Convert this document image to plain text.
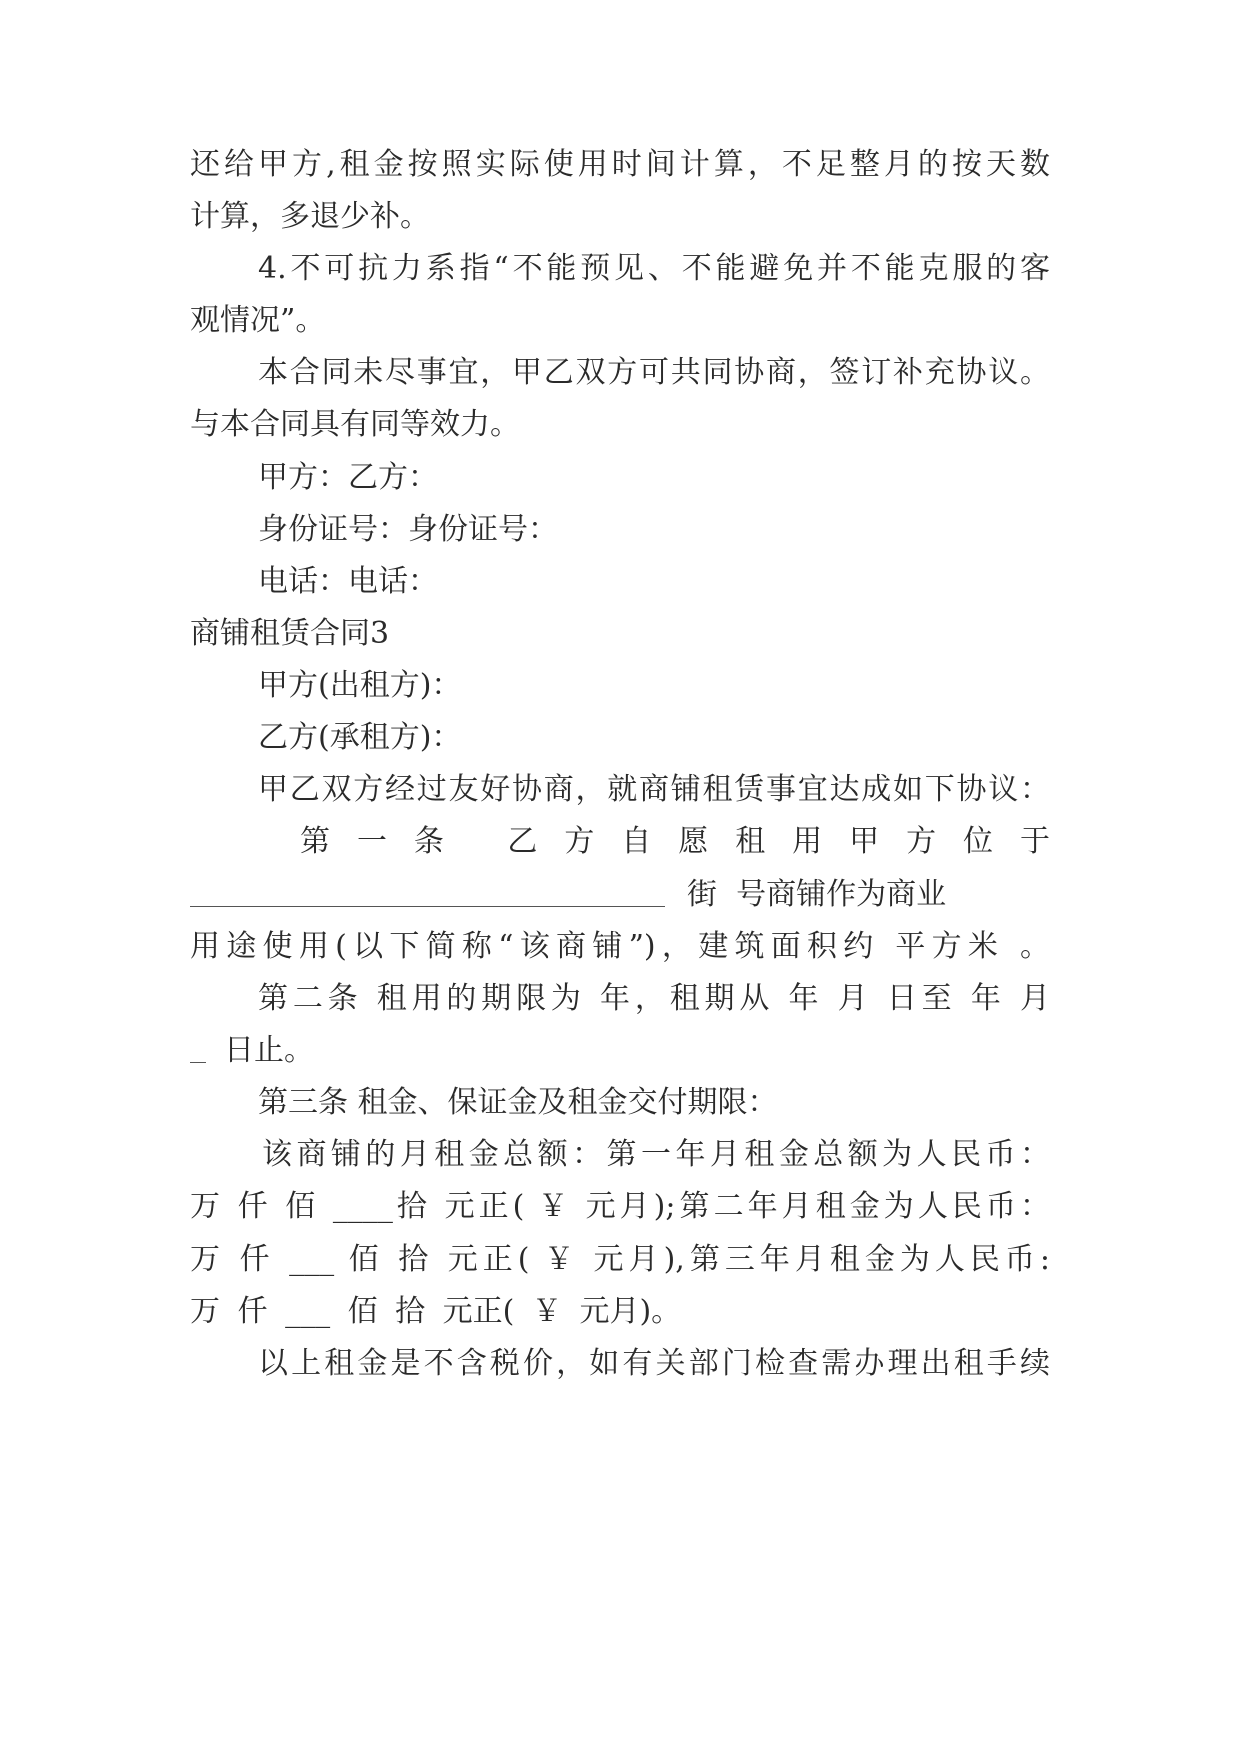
还给甲方,租金按照实际使用时间计算，不足整月的按天数
计算，多退少补。
4.不可抗力系指“不能预见、不能避免并不能克服的客
观情况”。
本合同未尽事宜，甲乙双方可共同协商，签订补充协议。
与本合同具有同等效力。
甲方：乙方：
身份证号：身份证号：
电话：电话：
商铺租赁合同3
甲方(出租方)：
乙方(承租方)：
甲乙双方经过友好协商，就商铺租赁事宜达成如下协议：
第 一 条   乙 方 自 愿 租 用 甲 方 位 于
街  号商铺作为商业
用途使用(以下简称“该商铺”)，建筑面积约 平方米 。
第二条 租用的期限为 年，租期从 年 月 日至 年 月
日止。
第三条 租金、保证金及租金交付期限：
该商铺的月租金总额：第一年月租金总额为人民币：
万 仟 佰 ____拾 元正( ￥ 元月);第二年月租金为人民币：
万 仟 ___ 佰 拾 元正( ￥ 元月),第三年月租金为人民币:
万 仟 ___ 佰 拾 元正( ￥ 元月)。
以上租金是不含税价，如有关部门检查需办理出租手续
